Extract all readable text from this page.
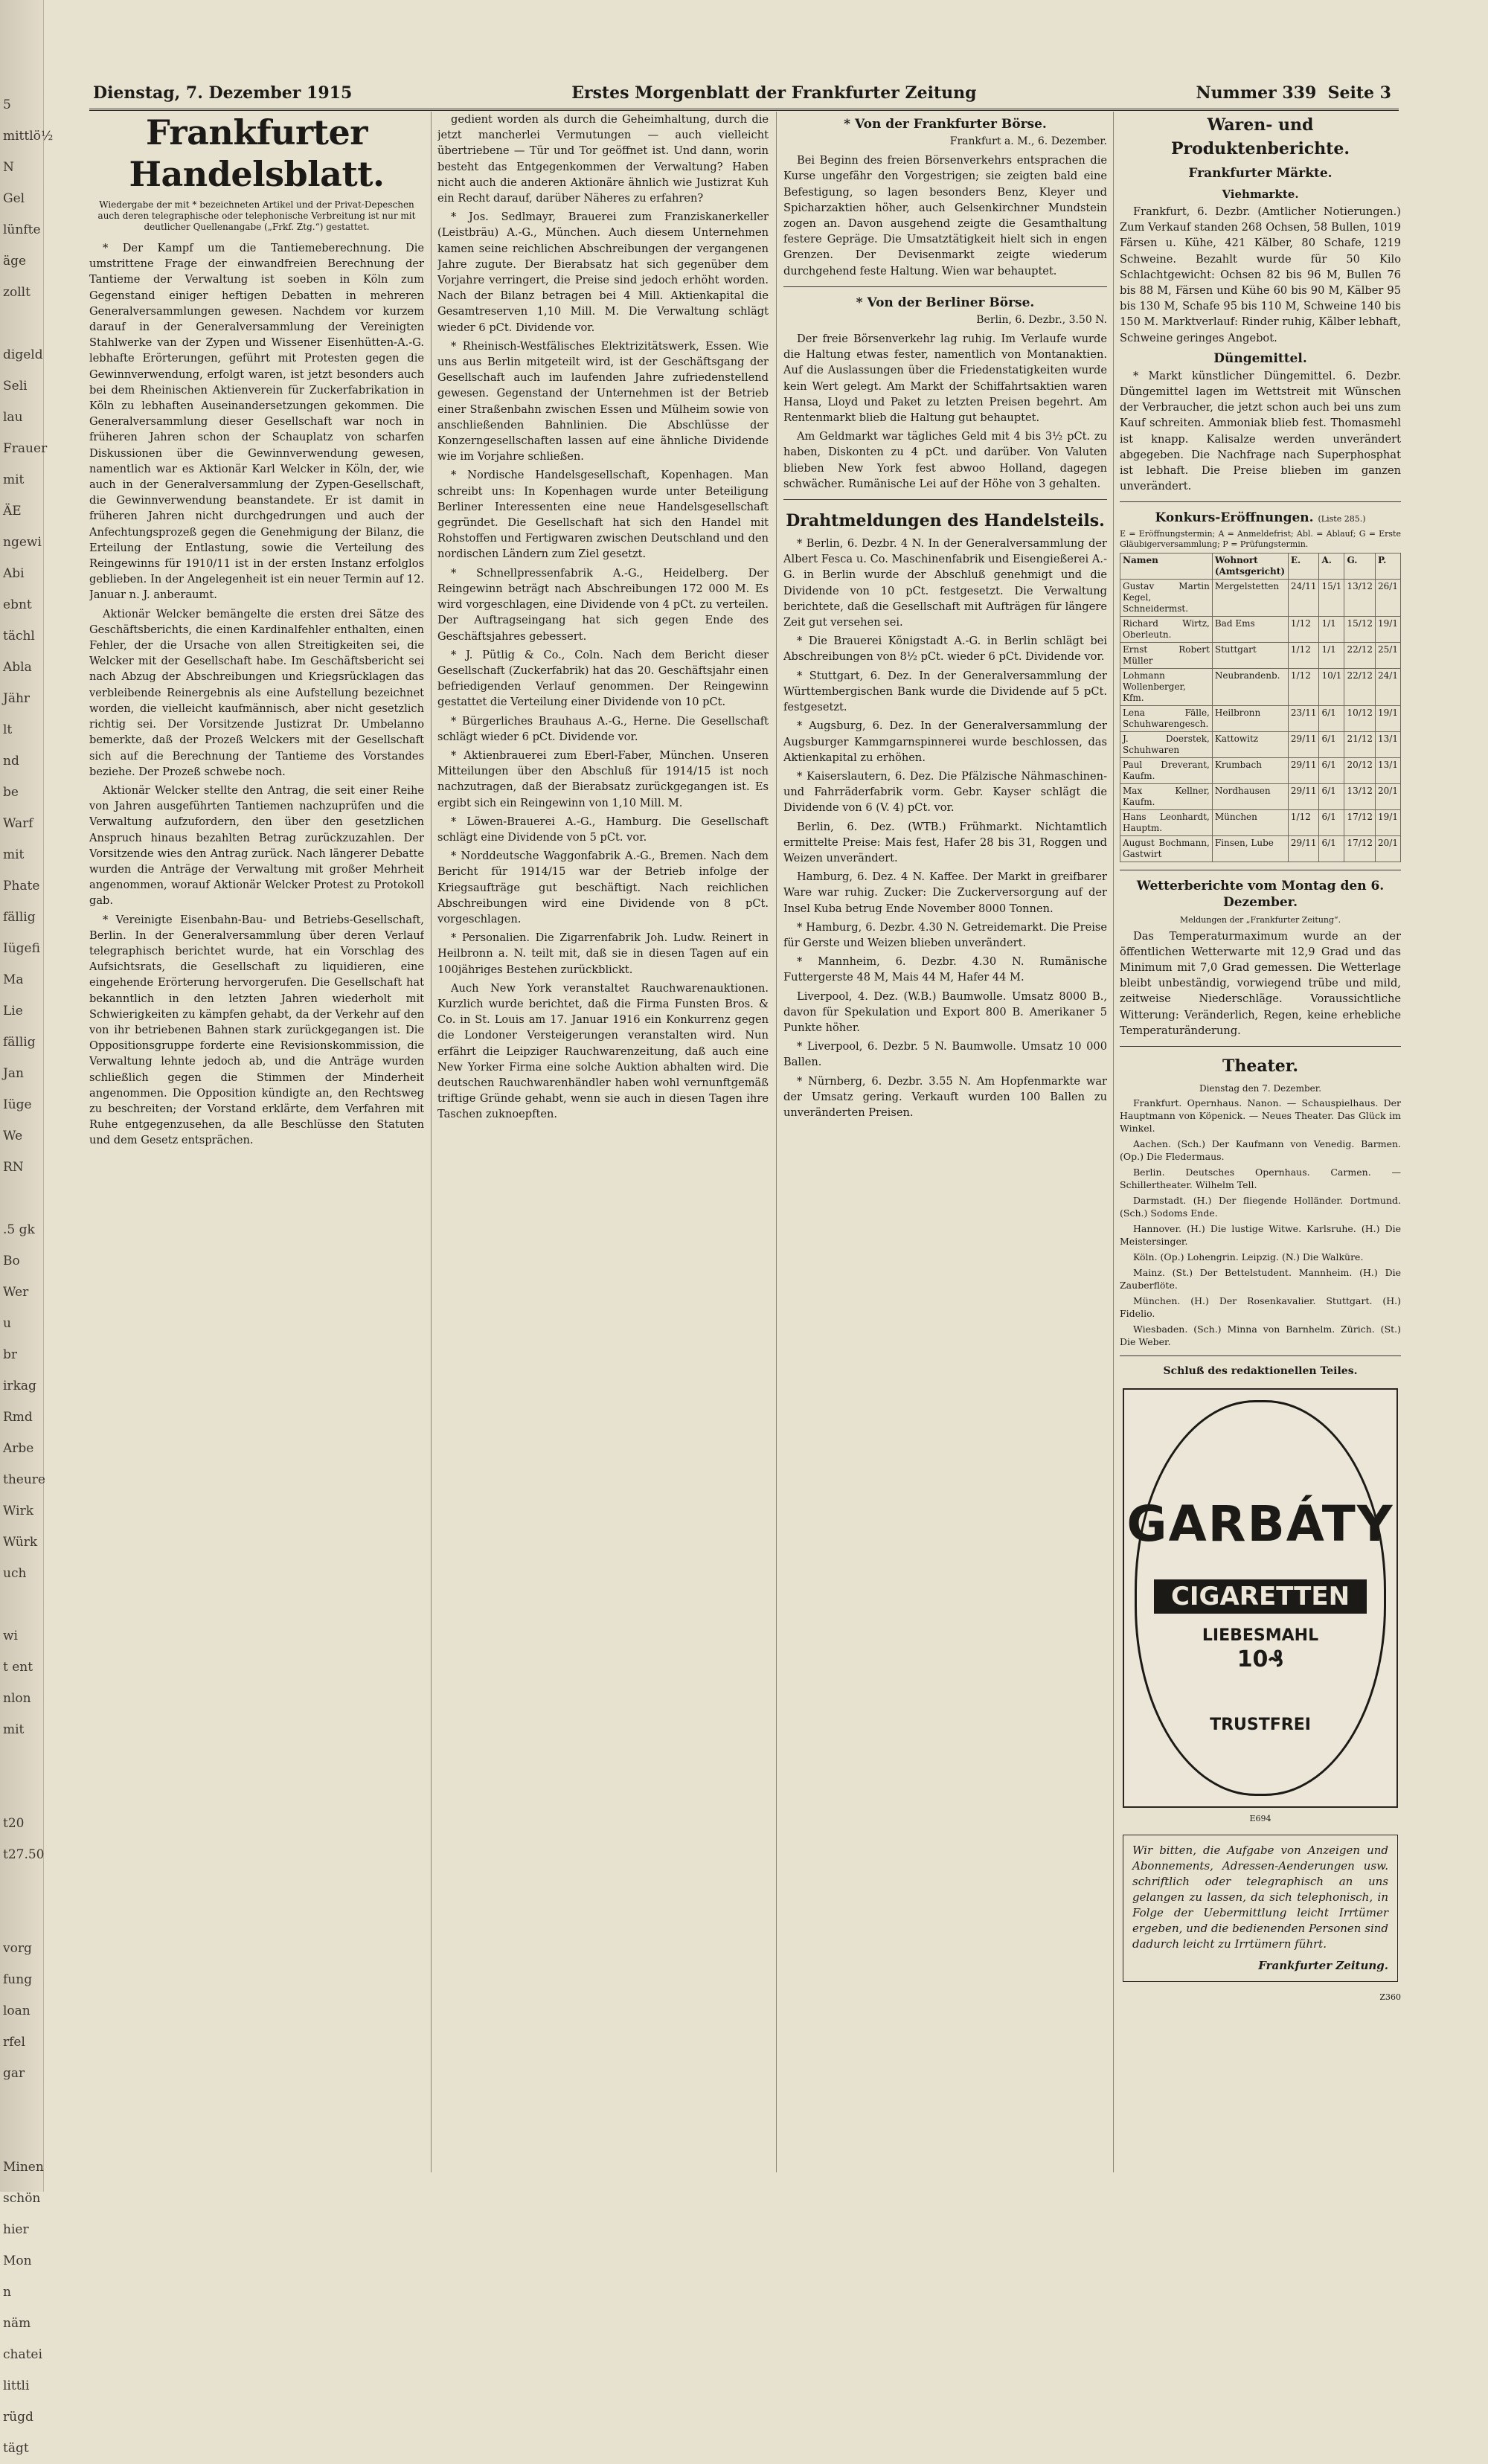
5
mittlö½
N
Gel
lünfte
äge
zollt

digeld
Seli
lau
Frauer
mit
ÄE
ngewi
Abi
ebnt
tächl
Abla
Jähr
lt
nd
be
Warf
mit
Phate
fällig
Iügefi
Ma
Lie
fällig
Jan
Iüge
We
RN

.5 gk
Bo
Wer
u
br
irkag
Rmd
Arbe
theure
Wirk
Würk
uch

wi
t ent
nlon
mit

t20
t27.50

vorg
fung
loan
rfel
gar

Minen
schön
hier
Mon
n
näm
chatei
littli
rügd
tägt
Dienstag, 7. Dezember 1915	Erstes Morgenblatt der Frankfurter Zeitung	Nummer 339 Seite 3
Frankfurter Handelsblatt.
Wiedergabe der mit * bezeichneten Artikel und der Privat-Depeschen auch deren telegraphische oder telephonische Verbreitung ist nur mit deutlicher Quellenangabe („Frkf. Ztg.“) gestattet.

* Der Kampf um die Tantiemeberechnung. Die umstrittene Frage der einwandfreien Berechnung der Tantieme der Verwaltung ist soeben in Köln zum Gegenstand einiger heftigen Debatten in mehreren Generalversammlungen gewesen. Nachdem vor kurzem darauf in der Generalversammlung der Vereinigten Stahlwerke van der Zypen und Wissener Eisenhütten-A.-G. lebhafte Erörterungen, geführt mit Protesten gegen die Gewinnverwendung, erfolgt waren, ist jetzt besonders auch bei dem Rheinischen Aktienverein für Zuckerfabrikation in Köln zu lebhaften Auseinandersetzungen gekommen. Die Generalversammlung dieser Gesellschaft war noch in früheren Jahren schon der Schauplatz von scharfen Diskussionen über die Gewinnverwendung gewesen, namentlich war es Aktionär Karl Welcker in Köln, der, wie auch in der Generalversammlung der Zypen-Gesellschaft, die Gewinnverwendung beanstandete. Er ist damit in früheren Jahren nicht durchgedrungen und auch der Anfechtungsprozeß gegen die Genehmigung der Bilanz, die Erteilung der Entlastung, sowie die Verteilung des Reingewinns für 1910/11 ist in der ersten Instanz erfolglos geblieben. In der Angelegenheit ist ein neuer Termin auf 12. Januar n. J. anberaumt.

Aktionär Welcker bemängelte die ersten drei Sätze des Geschäftsberichts, die einen Kardinalfehler enthalten, einen Fehler, der die Ursache von allen Streitigkeiten sei, die Welcker mit der Gesellschaft habe. Im Geschäftsbericht sei nach Abzug der Abschreibungen und Kriegsrücklagen das verbleibende Reinergebnis als eine Aufstellung bezeichnet worden, die vielleicht kaufmännisch, aber nicht gesetzlich richtig sei. Der Vorsitzende Justizrat Dr. Umbelanno bemerkte, daß der Prozeß Welckers mit der Gesellschaft sich auf die Berechnung der Tantieme des Vorstandes beziehe. Der Prozeß schwebe noch.

Aktionär Welcker stellte den Antrag, die seit einer Reihe von Jahren ausgeführten Tantiemen nachzuprüfen und die Verwaltung aufzufordern, den über den gesetzlichen Anspruch hinaus bezahlten Betrag zurückzuzahlen. Der Vorsitzende wies den Antrag zurück. Nach längerer Debatte wurden die Anträge der Verwaltung mit großer Mehrheit angenommen, worauf Aktionär Welcker Protest zu Protokoll gab.

* Vereinigte Eisenbahn-Bau- und Betriebs-Gesellschaft, Berlin. In der Generalversammlung über deren Verlauf telegraphisch berichtet wurde, hat ein Vorschlag des Aufsichtsrats, die Gesellschaft zu liquidieren, eine eingehende Erörterung hervorgerufen. Die Gesellschaft hat bekanntlich in den letzten Jahren wiederholt mit Schwierigkeiten zu kämpfen gehabt, da der Verkehr auf den von ihr betriebenen Bahnen stark zurückgegangen ist. Die Oppositionsgruppe forderte eine Revisionskommission, die Verwaltung lehnte jedoch ab, und die Anträge wurden schließlich gegen die Stimmen der Minderheit angenommen. Die Opposition kündigte an, den Rechtsweg zu beschreiten; der Vorstand erklärte, dem Verfahren mit Ruhe entgegenzusehen, da alle Beschlüsse den Statuten und dem Gesetz entsprächen.

gedient worden als durch die Geheimhaltung, durch die jetzt mancherlei Vermutungen — auch vielleicht übertriebene — Tür und Tor geöffnet ist. Und dann, worin besteht das Entgegenkommen der Verwaltung? Haben nicht auch die anderen Aktionäre ähnlich wie Justizrat Kuh ein Recht darauf, darüber Näheres zu erfahren?

* Jos. Sedlmayr, Brauerei zum Franziskanerkeller (Leistbräu) A.-G., München. Auch diesem Unternehmen kamen seine reichlichen Abschreibungen der vergangenen Jahre zugute. Der Bierabsatz hat sich gegenüber dem Vorjahre verringert, die Preise sind jedoch erhöht worden. Nach der Bilanz betragen bei 4 Mill. Aktienkapital die Gesamtreserven 1,10 Mill. M. Die Verwaltung schlägt wieder 6 pCt. Dividende vor.

* Rheinisch-Westfälisches Elektrizitätswerk, Essen. Wie uns aus Berlin mitgeteilt wird, ist der Geschäftsgang der Gesellschaft auch im laufenden Jahre zufriedenstellend gewesen. Gegenstand der Unternehmen ist der Betrieb einer Straßenbahn zwischen Essen und Mülheim sowie von anschließenden Bahnlinien. Die Abschlüsse der Konzerngesellschaften lassen auf eine ähnliche Dividende wie im Vorjahre schließen.

* Nordische Handelsgesellschaft, Kopenhagen. Man schreibt uns: In Kopenhagen wurde unter Beteiligung Berliner Interessenten eine neue Handelsgesellschaft gegründet. Die Gesellschaft hat sich den Handel mit Rohstoffen und Fertigwaren zwischen Deutschland und den nordischen Ländern zum Ziel gesetzt.

* Schnellpressenfabrik A.-G., Heidelberg. Der Reingewinn beträgt nach Abschreibungen 172 000 M. Es wird vorgeschlagen, eine Dividende von 4 pCt. zu verteilen. Der Auftragseingang hat sich gegen Ende des Geschäftsjahres gebessert.

* J. Pütlig & Co., Coln. Nach dem Bericht dieser Gesellschaft (Zuckerfabrik) hat das 20. Geschäftsjahr einen befriedigenden Verlauf genommen. Der Reingewinn gestattet die Verteilung einer Dividende von 10 pCt.

* Bürgerliches Brauhaus A.-G., Herne. Die Gesellschaft schlägt wieder 6 pCt. Dividende vor.

* Aktienbrauerei zum Eberl-Faber, München. Unseren Mitteilungen über den Abschluß für 1914/15 ist noch nachzutragen, daß der Bierabsatz zurückgegangen ist. Es ergibt sich ein Reingewinn von 1,10 Mill. M.

* Löwen-Brauerei A.-G., Hamburg. Die Gesellschaft schlägt eine Dividende von 5 pCt. vor.

* Norddeutsche Waggonfabrik A.-G., Bremen. Nach dem Bericht für 1914/15 war der Betrieb infolge der Kriegsaufträge gut beschäftigt. Nach reichlichen Abschreibungen wird eine Dividende von 8 pCt. vorgeschlagen.

* Personalien. Die Zigarrenfabrik Joh. Ludw. Reinert in Heilbronn a. N. teilt mit, daß sie in diesen Tagen auf ein 100jähriges Bestehen zurückblickt.

Auch New York veranstaltet Rauchwarenauktionen. Kurzlich wurde berichtet, daß die Firma Funsten Bros. & Co. in St. Louis am 17. Januar 1916 ein Konkurrenz gegen die Londoner Versteigerungen veranstalten wird. Nun erfährt die Leipziger Rauchwarenzeitung, daß auch eine New Yorker Firma eine solche Auktion abhalten wird. Die deutschen Rauchwarenhändler haben wohl vernunftgemäß triftige Gründe gehabt, wenn sie auch in diesen Tagen ihre Taschen zuknoepften.

* Von der Frankfurter Börse.
Frankfurt a. M., 6. Dezember.

Bei Beginn des freien Börsenverkehrs entsprachen die Kurse ungefähr den Vorgestrigen; sie zeigten bald eine Befestigung, so lagen besonders Benz, Kleyer und Spicharzaktien höher, auch Gelsenkirchner Mundstein zogen an. Davon ausgehend zeigte die Gesamthaltung festere Gepräge. Die Umsatztätigkeit hielt sich in engen Grenzen. Der Devisenmarkt zeigte wiederum durchgehend feste Haltung. Wien war behauptet.

* Von der Berliner Börse.
Berlin, 6. Dezbr., 3.50 N.

Der freie Börsenverkehr lag ruhig. Im Verlaufe wurde die Haltung etwas fester, namentlich von Montanaktien. Auf die Auslassungen über die Friedenstatigkeiten wurde kein Wert gelegt. Am Markt der Schiffahrtsaktien waren Hansa, Lloyd und Paket zu letzten Preisen begehrt. Am Rentenmarkt blieb die Haltung gut behauptet.

Am Geldmarkt war tägliches Geld mit 4 bis 3½ pCt. zu haben, Diskonten zu 4 pCt. und darüber. Von Valuten blieben New York fest abwoo Holland, dagegen schwächer. Rumänische Lei auf der Höhe von 3 gehalten.

Drahtmeldungen des Handelsteils.

* Berlin, 6. Dezbr. 4 N. In der Generalversammlung der Albert Fesca u. Co. Maschinenfabrik und Eisengießerei A.-G. in Berlin wurde der Abschluß genehmigt und die Dividende von 10 pCt. festgesetzt. Die Verwaltung berichtete, daß die Gesellschaft mit Aufträgen für längere Zeit gut versehen sei.

* Die Brauerei Königstadt A.-G. in Berlin schlägt bei Abschreibungen von 8½ pCt. wieder 6 pCt. Dividende vor.

* Stuttgart, 6. Dez. In der Generalversammlung der Württembergischen Bank wurde die Dividende auf 5 pCt. festgesetzt.

* Augsburg, 6. Dez. In der Generalversammlung der Augsburger Kammgarnspinnerei wurde beschlossen, das Aktienkapital zu erhöhen.

* Kaiserslautern, 6. Dez. Die Pfälzische Nähmaschinen- und Fahrräderfabrik vorm. Gebr. Kayser schlägt die Dividende von 6 (V. 4) pCt. vor.

Berlin, 6. Dez. (WTB.) Frühmarkt. Nichtamtlich ermittelte Preise: Mais fest, Hafer 28 bis 31, Roggen und Weizen unverändert.

Hamburg, 6. Dez. 4 N. Kaffee. Der Markt in greifbarer Ware war ruhig. Zucker: Die Zuckerversorgung auf der Insel Kuba betrug Ende November 8000 Tonnen.

* Hamburg, 6. Dezbr. 4.30 N. Getreidemarkt. Die Preise für Gerste und Weizen blieben unverändert.

* Mannheim, 6. Dezbr. 4.30 N. Rumänische Futtergerste 48 M, Mais 44 M, Hafer 44 M.

Liverpool, 4. Dez. (W.B.) Baumwolle. Umsatz 8000 B., davon für Spekulation und Export 800 B. Amerikaner 5 Punkte höher.

* Liverpool, 6. Dezbr. 5 N. Baumwolle. Umsatz 10 000 Ballen.

* Nürnberg, 6. Dezbr. 3.55 N. Am Hopfenmarkte war der Umsatz gering. Verkauft wurden 100 Ballen zu unveränderten Preisen.

Waren- und Produktenberichte.
Frankfurter Märkte.
Viehmarkte.

Frankfurt, 6. Dezbr. (Amtlicher Notierungen.) Zum Verkauf standen 268 Ochsen, 58 Bullen, 1019 Färsen u. Kühe, 421 Kälber, 80 Schafe, 1219 Schweine. Bezahlt wurde für 50 Kilo Schlachtgewicht: Ochsen 82 bis 96 M, Bullen 76 bis 88 M, Färsen und Kühe 60 bis 90 M, Kälber 95 bis 130 M, Schafe 95 bis 110 M, Schweine 140 bis 150 M. Marktverlauf: Rinder ruhig, Kälber lebhaft, Schweine geringes Angebot.

Düngemittel.

* Markt künstlicher Düngemittel. 6. Dezbr. Düngemittel lagen im Wettstreit mit Wünschen der Verbraucher, die jetzt schon auch bei uns zum Kauf schreiten. Ammoniak blieb fest. Thomasmehl ist knapp. Kalisalze werden unverändert abgegeben. Die Nachfrage nach Superphosphat ist lebhaft. Die Preise blieben im ganzen unverändert.

Konkurs-Eröffnungen. (Liste 285.)
E = Eröffnungstermin; A = Anmeldefrist; Abl. = Ablauf; G = Erste Gläubigerversammlung; P = Prüfungstermin.
Namen	Wohnort (Amtsgericht)	E.	A.	G.	P.
Gustav Martin Kegel, Schneidermst.	Mergelstetten	24/11	15/1	13/12	26/1
Richard Wirtz, Oberleutn.	Bad Ems	1/12	1/1	15/12	19/1
Ernst Robert Müller	Stuttgart	1/12	1/1	22/12	25/1
Lohmann Wollenberger, Kfm.	Neubrandenb.	1/12	10/1	22/12	24/1
Lena Fälle, Schuhwarengesch.	Heilbronn	23/11	6/1	10/12	19/1
J. Doerstek, Schuhwaren	Kattowitz	29/11	6/1	21/12	13/1
Paul Dreverant, Kaufm.	Krumbach	29/11	6/1	20/12	13/1
Max Kellner, Kaufm.	Nordhausen	29/11	6/1	13/12	20/1
Hans Leonhardt, Hauptm.	München	1/12	6/1	17/12	19/1
August Bochmann, Gastwirt	Finsen, Lube	29/11	6/1	17/12	20/1
Wetterberichte vom Montag den 6. Dezember.
Meldungen der „Frankfurter Zeitung“.

Das Temperaturmaximum wurde an der öffentlichen Wetterwarte mit 12,9 Grad und das Minimum mit 7,0 Grad gemessen. Die Wetterlage bleibt unbeständig, vorwiegend trübe und mild, zeitweise Niederschläge. Voraussichtliche Witterung: Veränderlich, Regen, keine erhebliche Temperaturänderung.

Theater.
Dienstag den 7. Dezember.

Frankfurt. Opernhaus. Nanon. — Schauspielhaus. Der Hauptmann von Köpenick. — Neues Theater. Das Glück im Winkel.

Aachen. (Sch.) Der Kaufmann von Venedig. Barmen. (Op.) Die Fledermaus.

Berlin. Deutsches Opernhaus. Carmen. — Schillertheater. Wilhelm Tell.

Darmstadt. (H.) Der fliegende Holländer. Dortmund. (Sch.) Sodoms Ende.

Hannover. (H.) Die lustige Witwe. Karlsruhe. (H.) Die Meistersinger.

Köln. (Op.) Lohengrin. Leipzig. (N.) Die Walküre.

Mainz. (St.) Der Bettelstudent. Mannheim. (H.) Die Zauberflöte.

München. (H.) Der Rosenkavalier. Stuttgart. (H.) Fidelio.

Wiesbaden. (Sch.) Minna von Barnhelm. Zürich. (St.) Die Weber.

Schluß des redaktionellen Teiles.
GARBÁTY
CIGARETTEN
LIEBESMAHL
10₰
TRUSTFREI
E694
Wir bitten, die Aufgabe von Anzeigen und Abonnements, Adressen-Aenderungen usw. schriftlich oder telegraphisch an uns gelangen zu lassen, da sich telephonisch, in Folge der Uebermittlung leicht Irrtümer ergeben, und die bedienenden Personen sind dadurch leicht zu Irrtümern führt.
Frankfurter Zeitung.
Z360
